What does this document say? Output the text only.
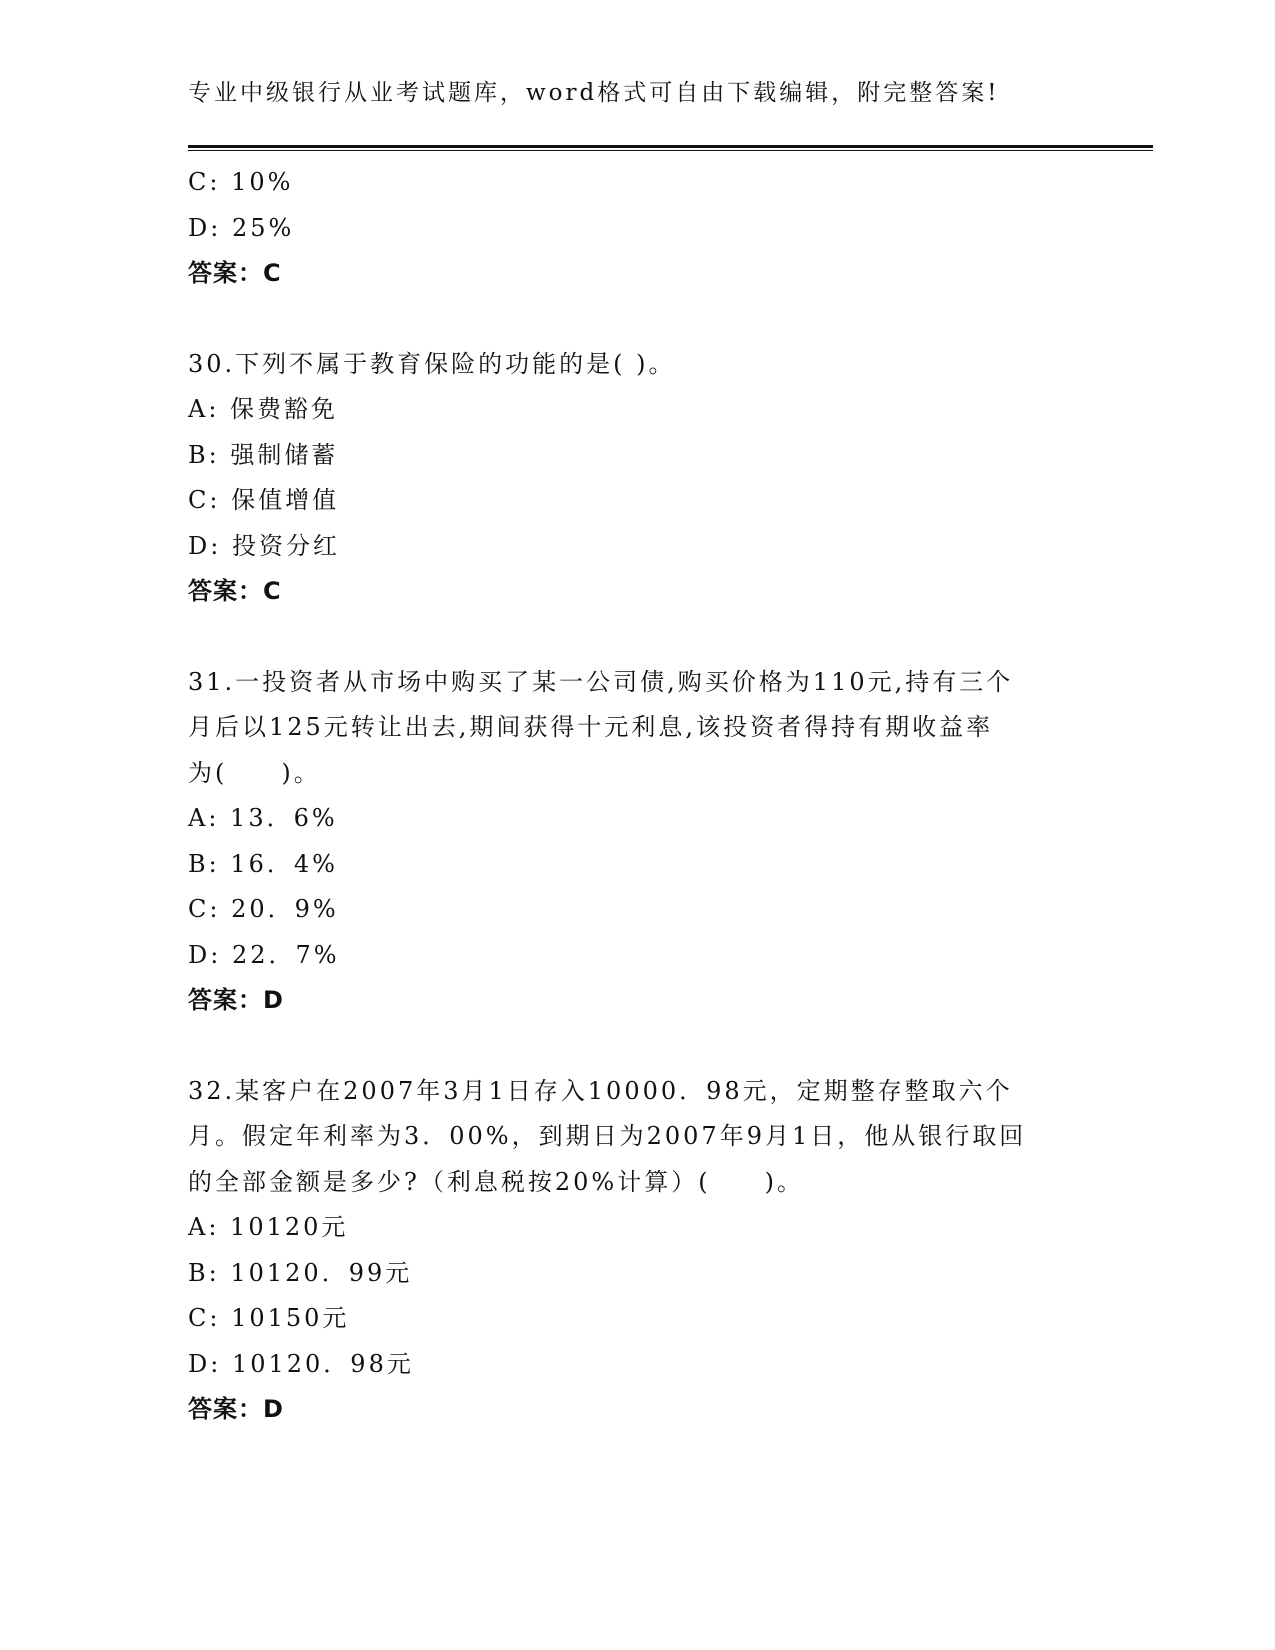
专业中级银行从业考试题库，word格式可自由下载编辑，附完整答案!
C: 10%
D: 25%
答案：C
30.下列不属于教育保险的功能的是( )。
A: 保费豁免
B: 强制储蓄
C: 保值增值
D: 投资分红
答案：C
31.一投资者从市场中购买了某一公司债,购买价格为110元,持有三个
月后以125元转让出去,期间获得十元利息,该投资者得持有期收益率
为(　　)。
A: 13．6%
B: 16．4%
C: 20．9%
D: 22．7%
答案：D
32.某客户在2007年3月1日存入10000．98元，定期整存整取六个
月。假定年利率为3．00%，到期日为2007年9月1日，他从银行取回
的全部金额是多少?（利息税按20%计算）(　　)。
A: 10120元
B: 10120．99元
C: 10150元
D: 10120．98元
答案：D
